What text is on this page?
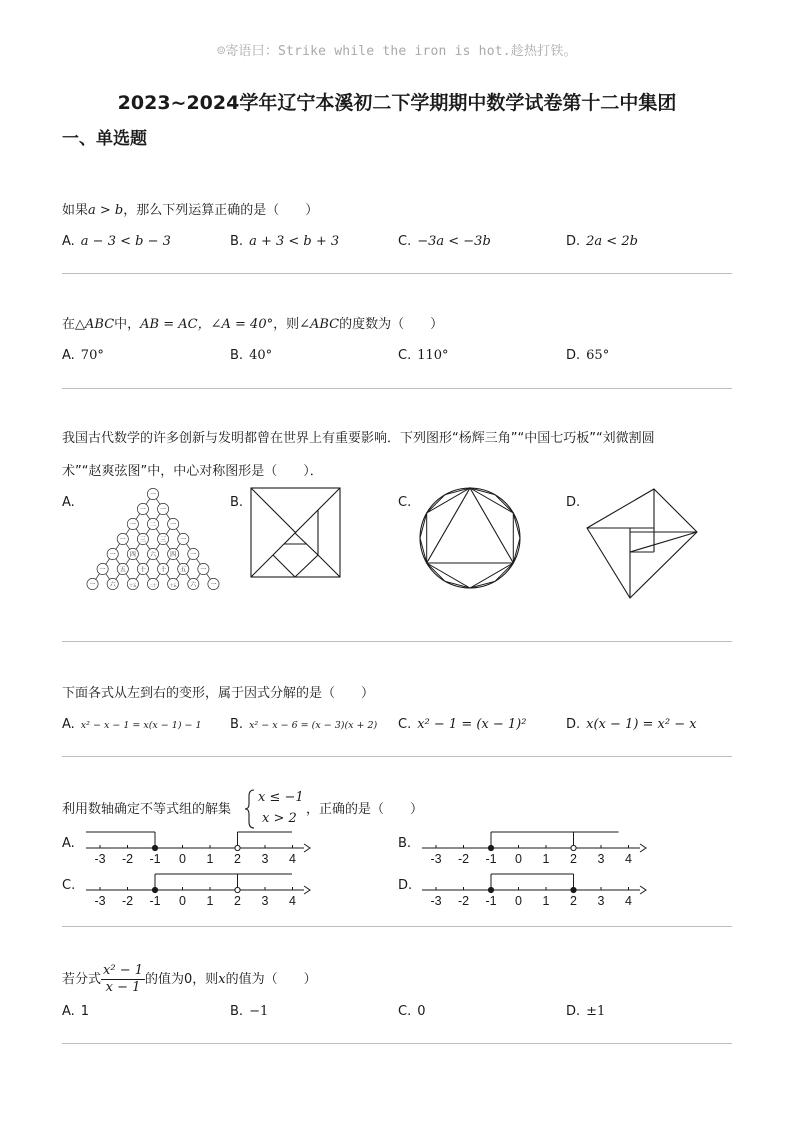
☺寄语曰：Strike while the iron is hot.趁热打铁。
2023~2024学年辽宁本溪初二下学期期中数学试卷第十二中集团
一、单选题
如果a > b，那么下列运算正确的是（　　）
A. a − 3 < b − 3	B. a + 3 < b + 3	C. −3a < −3b	D. 2a < 2b
在△ABC中，AB = AC，∠A = 40°，则∠ABC的度数为（　　）
A. 70°	B. 40°	C. 110°	D. 65°
我国古代数学的许多创新与发明都曾在世界上有重要影响．下列图形“杨辉三角”“中国七巧板”“刘微割圆
术”“赵爽弦图”中，中心对称图形是（　　）．
A.	一
一 一
一 二 一
一 三 三 一
一 四 六 四 一
一 五 十 十 五 一
一 六	十五	二十	十五 六 一
B.	C.	D.
下面各式从左到右的变形，属于因式分解的是（　　）
A. x² − x − 1 = x(x − 1) − 1 B. x² − x − 6 = (x − 3)(x + 2) C. x² − 1 = (x − 1)²	D. x(x − 1) = x² − x
利用数轴确定不等式组的解集
x ≤ −1
x > 2
，正确的是（　　）
A.
-3 -2 -1 0 1 2 3 4
B.
-3 -2 -1 0 1 2 3 4
C.
-3 -2 -1 0 1 2 3 4
D.
-3 -2 -1 0 1 2 3 4
若分式 $\frac{\text{x² − 1}}{x - 1}$ 的值为0，则x的值为（　　）
A. 1	B. −1	C. 0	D. ±1
